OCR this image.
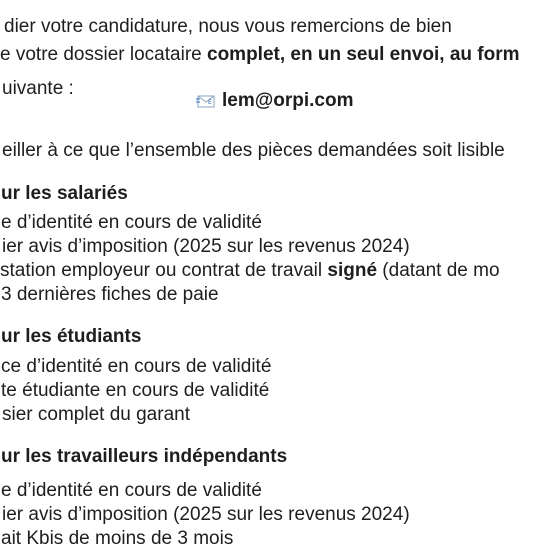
dier votre candidature, nous vous remercions de bien
e votre dossier locataire complet, en un seul envoi, au form
uivante :
E lem@orpi.com
eiller à ce que l’ensemble des pièces demandées soit lisible
ur les salariés
e d’identité en cours de validité
ier avis d’imposition (2025 sur les revenus 2024)
station employeur ou contrat de travail signé (datant de mo
3 dernières fiches de paie
ur les étudiants
ce d’identité en cours de validité
te étudiante en cours de validité
sier complet du garant
ur les travailleurs indépendants
e d’identité en cours de validité
ier avis d’imposition (2025 sur les revenus 2024)
ait Kbis de moins de 3 mois
